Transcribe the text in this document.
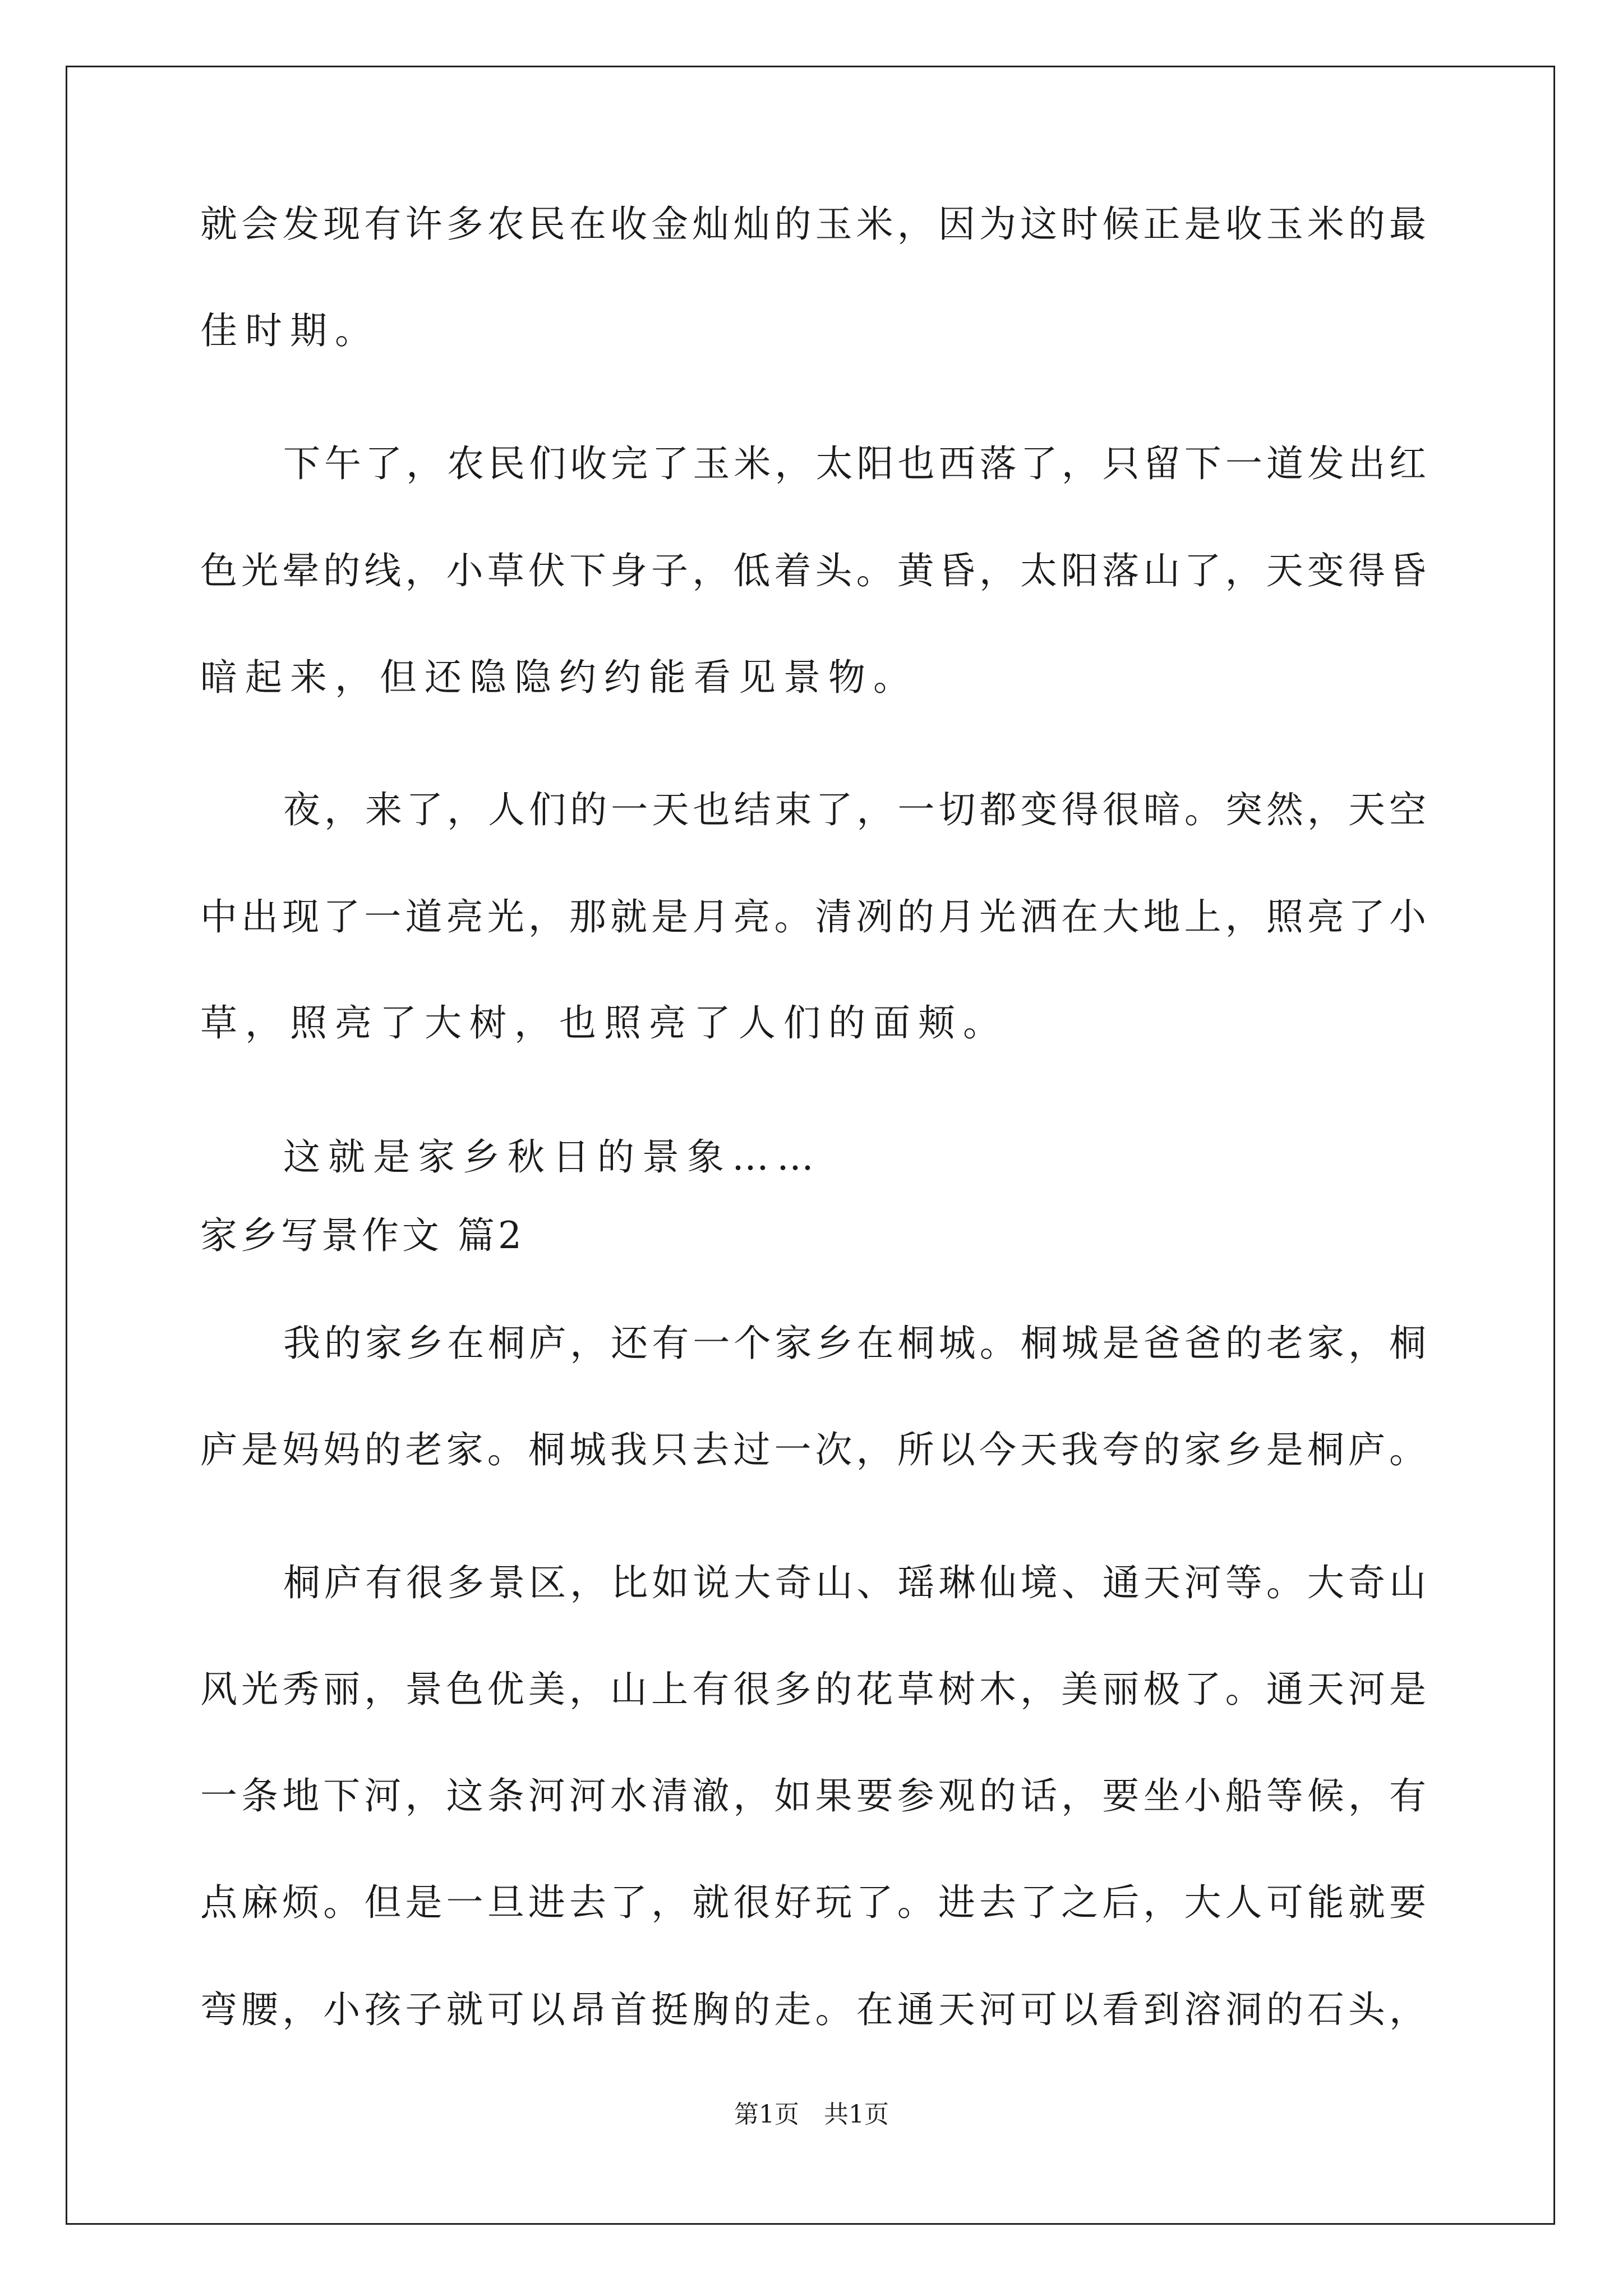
就会发现有许多农民在收金灿灿的玉米，因为这时候正是收玉米的最
佳时期。
下午了，农民们收完了玉米，太阳也西落了，只留下一道发出红
色光晕的线，小草伏下身子，低着头。黄昏，太阳落山了，天变得昏
暗起来，但还隐隐约约能看见景物。
夜，来了，人们的一天也结束了，一切都变得很暗。突然，天空
中出现了一道亮光，那就是月亮。清冽的月光洒在大地上，照亮了小
草，照亮了大树，也照亮了人们的面颊。
这就是家乡秋日的景象……
家乡写景作文 篇2
我的家乡在桐庐，还有一个家乡在桐城。桐城是爸爸的老家，桐
庐是妈妈的老家。桐城我只去过一次，所以今天我夸的家乡是桐庐。
桐庐有很多景区，比如说大奇山、瑶琳仙境、通天河等。大奇山
风光秀丽，景色优美，山上有很多的花草树木，美丽极了。通天河是
一条地下河，这条河河水清澈，如果要参观的话，要坐小船等候，有
点麻烦。但是一旦进去了，就很好玩了。进去了之后，大人可能就要
弯腰，小孩子就可以昂首挺胸的走。在通天河可以看到溶洞的石头，
第1页 共1页
